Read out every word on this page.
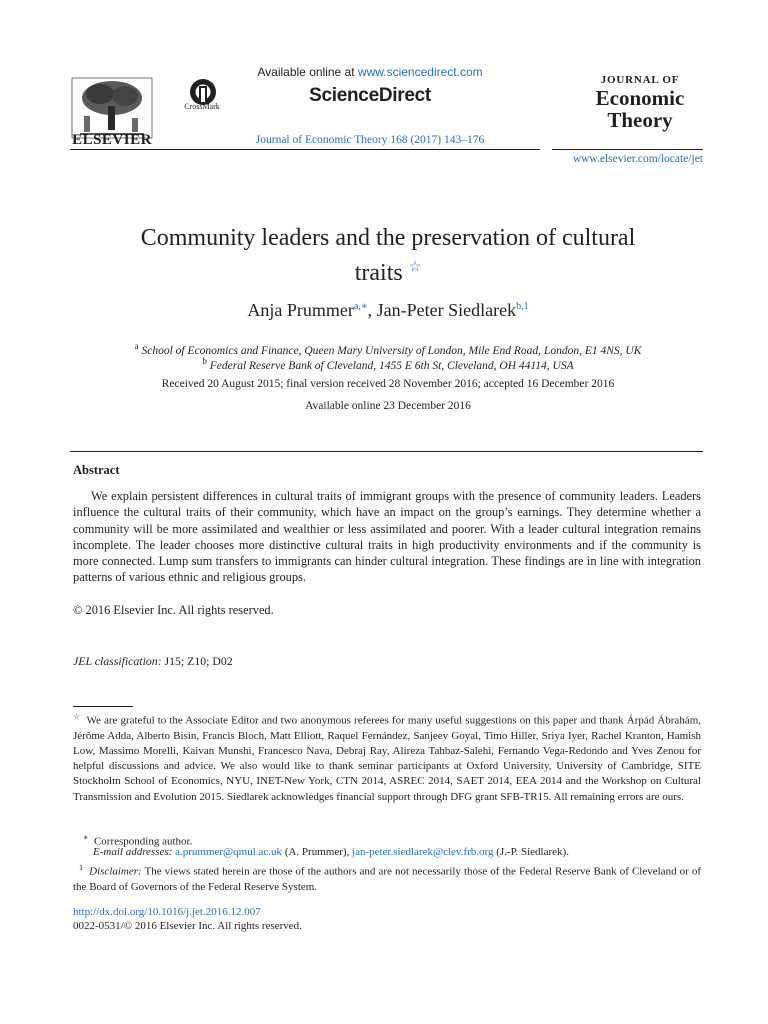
ELSEVIER
CrossMark
Available online at www.sciencedirect.com
ScienceDirect
Journal of Economic Theory 168 (2017) 143–176
JOURNAL OF
Economic
Theory
www.elsevier.com/locate/jet
Community leaders and the preservation of cultural
traits ☆
Anja Prummer$^{a,∗}$, Jan-Peter Siedlarek$^{b,1}$
$^a$ School of Economics and Finance, Queen Mary University of London, Mile End Road, London, E1 4NS, UK
$^b$ Federal Reserve Bank of Cleveland, 1455 E 6th St, Cleveland, OH 44114, USA
Received 20 August 2015; final version received 28 November 2016; accepted 16 December 2016
Available online 23 December 2016
Abstract

We explain persistent differences in cultural traits of immigrant groups with the presence of community leaders. Leaders influence the cultural traits of their community, which have an impact on the group’s earnings. They determine whether a community will be more assimilated and wealthier or less assimilated and poorer. With a leader cultural integration remains incomplete. The leader chooses more distinctive cultural traits in high productivity environments and if the community is more connected. Lump sum transfers to immigrants can hinder cultural integration. These findings are in line with integration patterns of various ethnic and religious groups.

© 2016 Elsevier Inc. All rights reserved.
JEL classification: J15; Z10; D02
☆ We are grateful to the Associate Editor and two anonymous referees for many useful suggestions on this paper and thank Árpád Ábrahám, Jérôme Adda, Alberto Bisin, Francis Bloch, Matt Elliott, Raquel Fernández, Sanjeev Goyal, Timo Hiller, Sriya Iyer, Rachel Kranton, Hamish Low, Massimo Morelli, Kaivan Munshi, Francesco Nava, Debraj Ray, Alireza Tahbaz-Salehi, Fernando Vega-Redondo and Yves Zenou for helpful discussions and advice. We also would like to thank seminar participants at Oxford University, University of Cambridge, SITE Stockholm School of Economics, NYU, INET-New York, CTN 2014, ASREC 2014, SAET 2014, EEA 2014 and the Workshop on Cultural Transmission and Evolution 2015. Siedlarek acknowledges financial support through DFG grant SFB-TR15. All remaining errors are ours.
∗ Corresponding author.
E-mail addresses: a.prummer@qmul.ac.uk (A. Prummer), jan-peter.siedlarek@clev.frb.org (J.-P. Siedlarek).
$^1$ Disclaimer: The views stated herein are those of the authors and are not necessarily those of the Federal Reserve Bank of Cleveland or of the Board of Governors of the Federal Reserve System.
http://dx.doi.org/10.1016/j.jet.2016.12.007
0022-0531/© 2016 Elsevier Inc. All rights reserved.
